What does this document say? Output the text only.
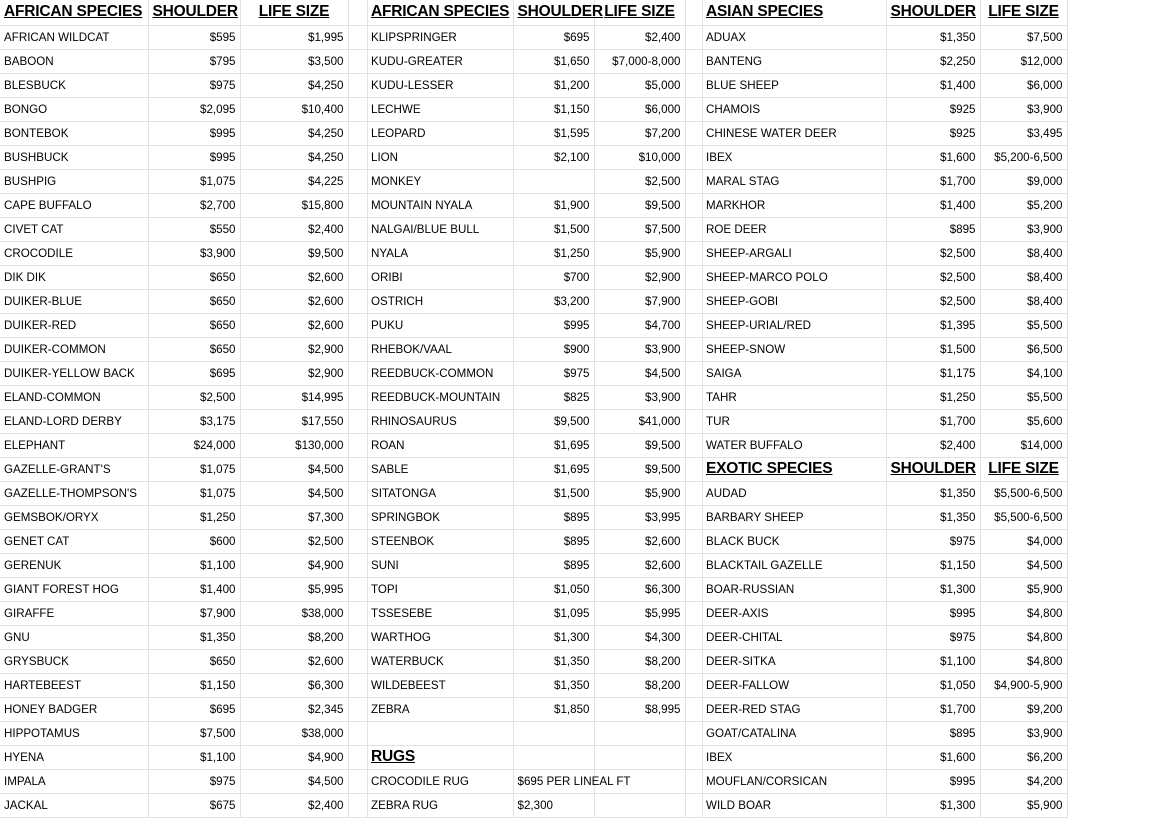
AFRICAN SPECIES	SHOULDER	LIFE SIZE	
AFRICAN WILDCAT	$595	$1,995	
BABOON	$795	$3,500	
BLESBUCK	$975	$4,250	
BONGO	$2,095	$10,400	
BONTEBOK	$995	$4,250	
BUSHBUCK	$995	$4,250	
BUSHPIG	$1,075	$4,225	
CAPE BUFFALO	$2,700	$15,800	
CIVET CAT	$550	$2,400	
CROCODILE	$3,900	$9,500	
DIK DIK	$650	$2,600	
DUIKER-BLUE	$650	$2,600	
DUIKER-RED	$650	$2,600	
DUIKER-COMMON	$650	$2,900	
DUIKER-YELLOW BACK	$695	$2,900	
ELAND-COMMON	$2,500	$14,995	
ELAND-LORD DERBY	$3,175	$17,550	
ELEPHANT	$24,000	$130,000	
GAZELLE-GRANT'S	$1,075	$4,500	
GAZELLE-THOMPSON'S	$1,075	$4,500	
GEMSBOK/ORYX	$1,250	$7,300	
GENET CAT	$600	$2,500	
GERENUK	$1,100	$4,900	
GIANT FOREST HOG	$1,400	$5,995	
GIRAFFE	$7,900	$38,000	
GNU	$1,350	$8,200	
GRYSBUCK	$650	$2,600	
HARTEBEEST	$1,150	$6,300	
HONEY BADGER	$695	$2,345	
HIPPOTAMUS	$7,500	$38,000	
HYENA	$1,100	$4,900	
IMPALA	$975	$4,500	
JACKAL	$675	$2,400	
AFRICAN SPECIES	SHOULDER	LIFE SIZE	
KLIPSPRINGER	$695	$2,400	
KUDU-GREATER	$1,650	$7,000-8,000	
KUDU-LESSER	$1,200	$5,000	
LECHWE	$1,150	$6,000	
LEOPARD	$1,595	$7,200	
LION	$2,100	$10,000	
MONKEY		$2,500	
MOUNTAIN NYALA	$1,900	$9,500	
NALGAI/BLUE BULL	$1,500	$7,500	
NYALA	$1,250	$5,900	
ORIBI	$700	$2,900	
OSTRICH	$3,200	$7,900	
PUKU	$995	$4,700	
RHEBOK/VAAL	$900	$3,900	
REEDBUCK-COMMON	$975	$4,500	
REEDBUCK-MOUNTAIN	$825	$3,900	
RHINOSAURUS	$9,500	$41,000	
ROAN	$1,695	$9,500	
SABLE	$1,695	$9,500	
SITATONGA	$1,500	$5,900	
SPRINGBOK	$895	$3,995	
STEENBOK	$895	$2,600	
SUNI	$895	$2,600	
TOPI	$1,050	$6,300	
TSSESEBE	$1,095	$5,995	
WARTHOG	$1,300	$4,300	
WATERBUCK	$1,350	$8,200	
WILDEBEEST	$1,350	$8,200	
ZEBRA	$1,850	$8,995	

RUGS			
CROCODILE RUG	$695 PER LINEAL FT		
ZEBRA RUG	$2,300		
ASIAN SPECIES	SHOULDER	LIFE SIZE
ADUAX	$1,350	$7,500
BANTENG	$2,250	$12,000
BLUE SHEEP	$1,400	$6,000
CHAMOIS	$925	$3,900
CHINESE WATER DEER	$925	$3,495
IBEX	$1,600	$5,200-6,500
MARAL STAG	$1,700	$9,000
MARKHOR	$1,400	$5,200
ROE DEER	$895	$3,900
SHEEP-ARGALI	$2,500	$8,400
SHEEP-MARCO POLO	$2,500	$8,400
SHEEP-GOBI	$2,500	$8,400
SHEEP-URIAL/RED	$1,395	$5,500
SHEEP-SNOW	$1,500	$6,500
SAIGA	$1,175	$4,100
TAHR	$1,250	$5,500
TUR	$1,700	$5,600
WATER BUFFALO	$2,400	$14,000
EXOTIC SPECIES	SHOULDER	LIFE SIZE
AUDAD	$1,350	$5,500-6,500
BARBARY SHEEP	$1,350	$5,500-6,500
BLACK BUCK	$975	$4,000
BLACKTAIL GAZELLE	$1,150	$4,500
BOAR-RUSSIAN	$1,300	$5,900
DEER-AXIS	$995	$4,800
DEER-CHITAL	$975	$4,800
DEER-SITKA	$1,100	$4,800
DEER-FALLOW	$1,050	$4,900-5,900
DEER-RED STAG	$1,700	$9,200
GOAT/CATALINA	$895	$3,900
IBEX	$1,600	$6,200
MOUFLAN/CORSICAN	$995	$4,200
WILD BOAR	$1,300	$5,900
